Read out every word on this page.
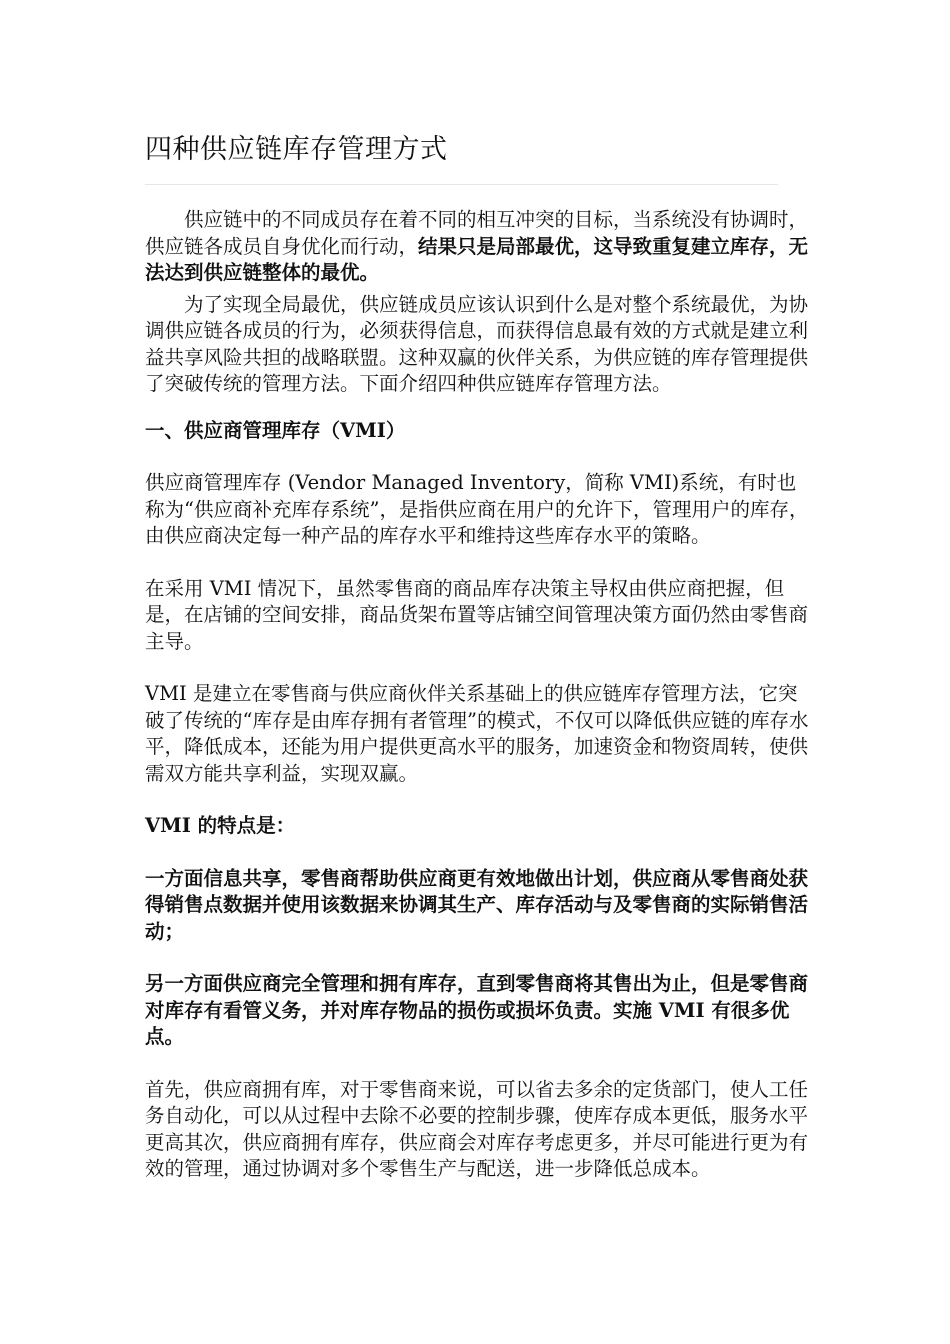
四种供应链库存管理方式

供应链中的不同成员存在着不同的相互冲突的目标，当系统没有协调时，供应链各成员自身优化而行动，结果只是局部最优，这导致重复建立库存，无法达到供应链整体的最优。

为了实现全局最优，供应链成员应该认识到什么是对整个系统最优，为协调供应链各成员的行为，必须获得信息，而获得信息最有效的方式就是建立利益共享风险共担的战略联盟。这种双赢的伙伴关系，为供应链的库存管理提供了突破传统的管理方法。下面介绍四种供应链库存管理方法。

一、供应商管理库存（VMI）

供应商管理库存 (Vendor Managed Inventory，简称 VMI)系统，有时也称为“供应商补充库存系统”，是指供应商在用户的允许下，管理用户的库存，由供应商决定每一种产品的库存水平和维持这些库存水平的策略。

在采用 VMI 情况下，虽然零售商的商品库存决策主导权由供应商把握，但是，在店铺的空间安排，商品货架布置等店铺空间管理决策方面仍然由零售商主导。

VMI 是建立在零售商与供应商伙伴关系基础上的供应链库存管理方法，它突破了传统的“库存是由库存拥有者管理”的模式，不仅可以降低供应链的库存水平，降低成本，还能为用户提供更高水平的服务，加速资金和物资周转，使供需双方能共享利益，实现双赢。

VMI 的特点是：

一方面信息共享，零售商帮助供应商更有效地做出计划，供应商从零售商处获得销售点数据并使用该数据来协调其生产、库存活动与及零售商的实际销售活动；

另一方面供应商完全管理和拥有库存，直到零售商将其售出为止，但是零售商对库存有看管义务，并对库存物品的损伤或损坏负责。实施 VMI 有很多优点。

首先，供应商拥有库，对于零售商来说，可以省去多余的定货部门，使人工任务自动化，可以从过程中去除不必要的控制步骤，使库存成本更低，服务水平更高其次，供应商拥有库存，供应商会对库存考虑更多，并尽可能进行更为有效的管理，通过协调对多个零售生产与配送，进一步降低总成本。
